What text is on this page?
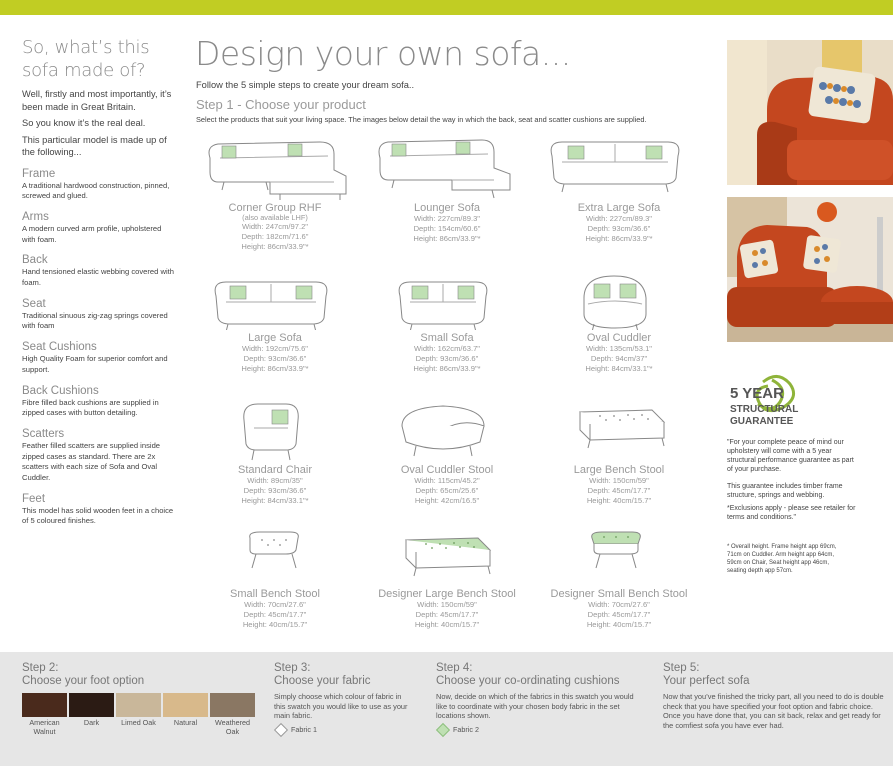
So, what’s this sofa made of?

Well, firstly and most importantly, it’s been made in Great Britain.

So you know it’s the real deal.

This particular model is made up of the following...

Frame
A traditional hardwood construction, pinned, screwed and glued.
Arms
A modern curved arm profile, upholstered with foam.
Back
Hand tensioned elastic webbing covered with foam.
Seat
Traditional sinuous zig-zag springs covered with foam
Seat Cushions
High Quality Foam for superior comfort and support.
Back Cushions
Fibre filled back cushions are supplied in zipped cases with button detailing.
Scatters
Feather filled scatters are supplied inside zipped cases as standard. There are 2x scatters with each size of Sofa and Oval Cuddler.
Feet
This model has solid wooden feet in a choice of 5 coloured finishes.
Design your own sofa...
Follow the 5 simple steps to create your dream sofa..
Step 1 - Choose your product
Select the products that suit your living space. The images below detail the way in which the back, seat and scatter cushions are supplied.
Corner Group RHF
(also available LHF)
Width: 247cm/97.2"
Depth: 182cm/71.6"
Height: 86cm/33.9"*
Lounger Sofa
Width: 227cm/89.3"
Depth: 154cm/60.6"
Height: 86cm/33.9"*
Extra Large Sofa
Width: 227cm/89.3"
Depth: 93cm/36.6"
Height: 86cm/33.9"*
Large Sofa
Width: 192cm/75.6"
Depth: 93cm/36.6"
Height: 86cm/33.9"*
Small Sofa
Width: 162cm/63.7"
Depth: 93cm/36.6"
Height: 86cm/33.9"*
Oval Cuddler
Width: 135cm/53.1"
Depth: 94cm/37"
Height: 84cm/33.1"*
Standard Chair
Width: 89cm/35"
Depth: 93cm/36.6"
Height: 84cm/33.1"*
Oval Cuddler Stool
Width: 115cm/45.2"
Depth: 65cm/25.6"
Height: 42cm/16.5"
Large Bench Stool
Width: 150cm/59"
Depth: 45cm/17.7"
Height: 40cm/15.7"
Small Bench Stool
Width: 70cm/27.6"
Depth: 45cm/17.7"
Height: 40cm/15.7"
Designer Large Bench Stool
Width: 150cm/59"
Depth: 45cm/17.7"
Height: 40cm/15.7"
Designer Small Bench Stool
Width: 70cm/27.6"
Depth: 45cm/17.7"
Height: 40cm/15.7"
5 YEAR
STRUCTURAL
GUARANTEE
"For your complete peace of mind our upholstery will come with a 5 year structural performance guarantee as part of your purchase.
This guarantee includes timber frame structure, springs and webbing.
*Exclusions apply - please see retailer for terms and conditions."
* Overall height. Frame height app 69cm, 71cm on Cuddler. Arm height app 64cm, 59cm on Chair, Seat height app 46cm, seating depth app 57cm.
Step 2:
Choose your foot option
American Walnut
Dark	Limed Oak	Natural	Weathered Oak
Step 3:
Choose your fabric
Simply choose which colour of fabric in this swatch you would like to use as your main fabric.
Fabric 1
Step 4:
Choose your co-ordinating cushions
Now, decide on which of the fabrics in this swatch you would like to coordinate with your chosen body fabric in the set locations shown.
Fabric 2
Step 5:
Your perfect sofa
Now that you’ve finished the tricky part, all you need to do is double check that you have specified your foot option and fabric choice. Once you have done that, you can sit back, relax and get ready for the comfiest sofa you have ever had.
